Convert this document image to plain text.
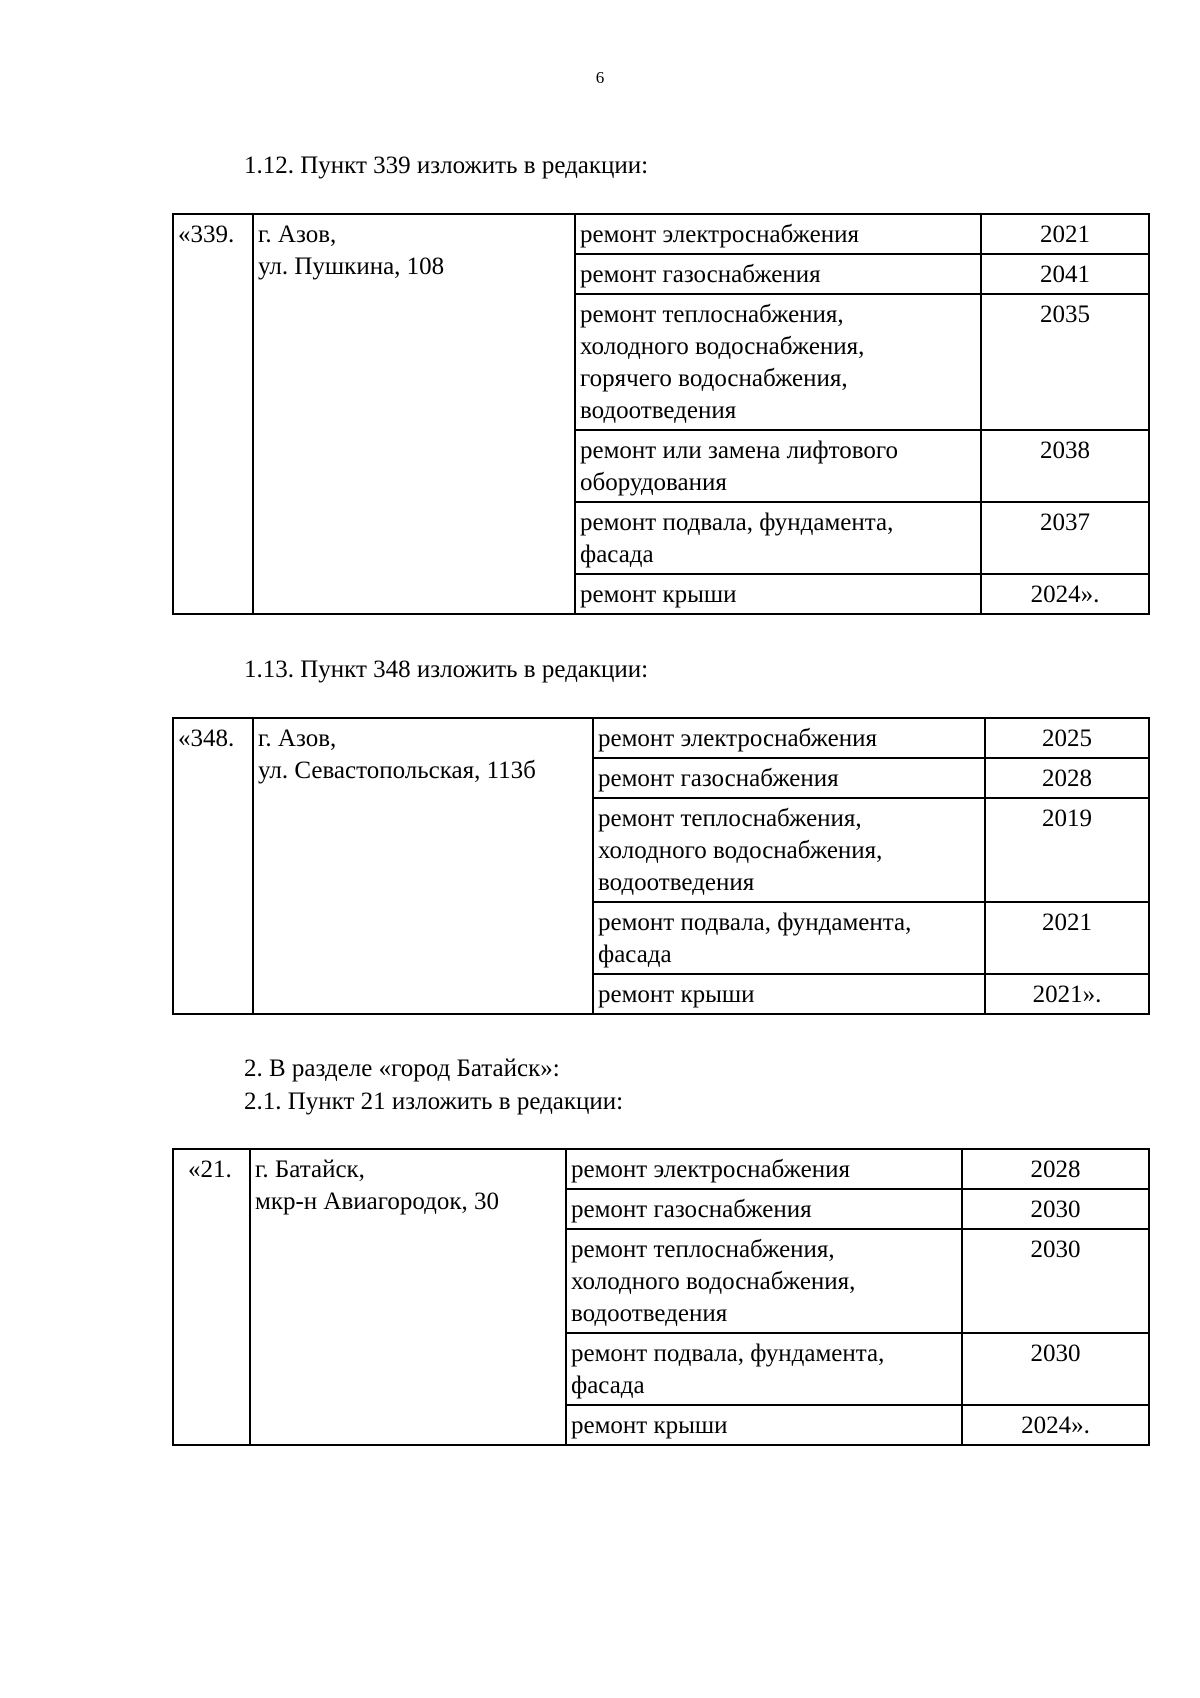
6
1.12. Пункт 339 изложить в редакции:
«339.	г. Азов,
ул. Пушкина, 108	ремонт электроснабжения	2021

		ремонт газоснабжения	2041

		ремонт теплоснабжения,
холодного водоснабжения,
горячего водоснабжения,
водоотведения	2035

		ремонт или замена лифтового
оборудования	2038

		ремонт подвала, фундамента,
фасада	2037

		ремонт крыши	2024».
1.13. Пункт 348 изложить в редакции:
«348.	г. Азов,
ул. Севастопольская, 113б	ремонт электроснабжения	2025

		ремонт газоснабжения	2028

		ремонт теплоснабжения,
холодного водоснабжения,
водоотведения	2019

		ремонт подвала, фундамента,
фасада	2021

		ремонт крыши	2021».
2. В разделе «город Батайск»:
2.1. Пункт 21 изложить в редакции:
«21.	г. Батайск,
мкр-н Авиагородок, 30	ремонт электроснабжения	2028

		ремонт газоснабжения	2030

		ремонт теплоснабжения,
холодного водоснабжения,
водоотведения	2030

		ремонт подвала, фундамента,
фасада	2030

		ремонт крыши	2024».
